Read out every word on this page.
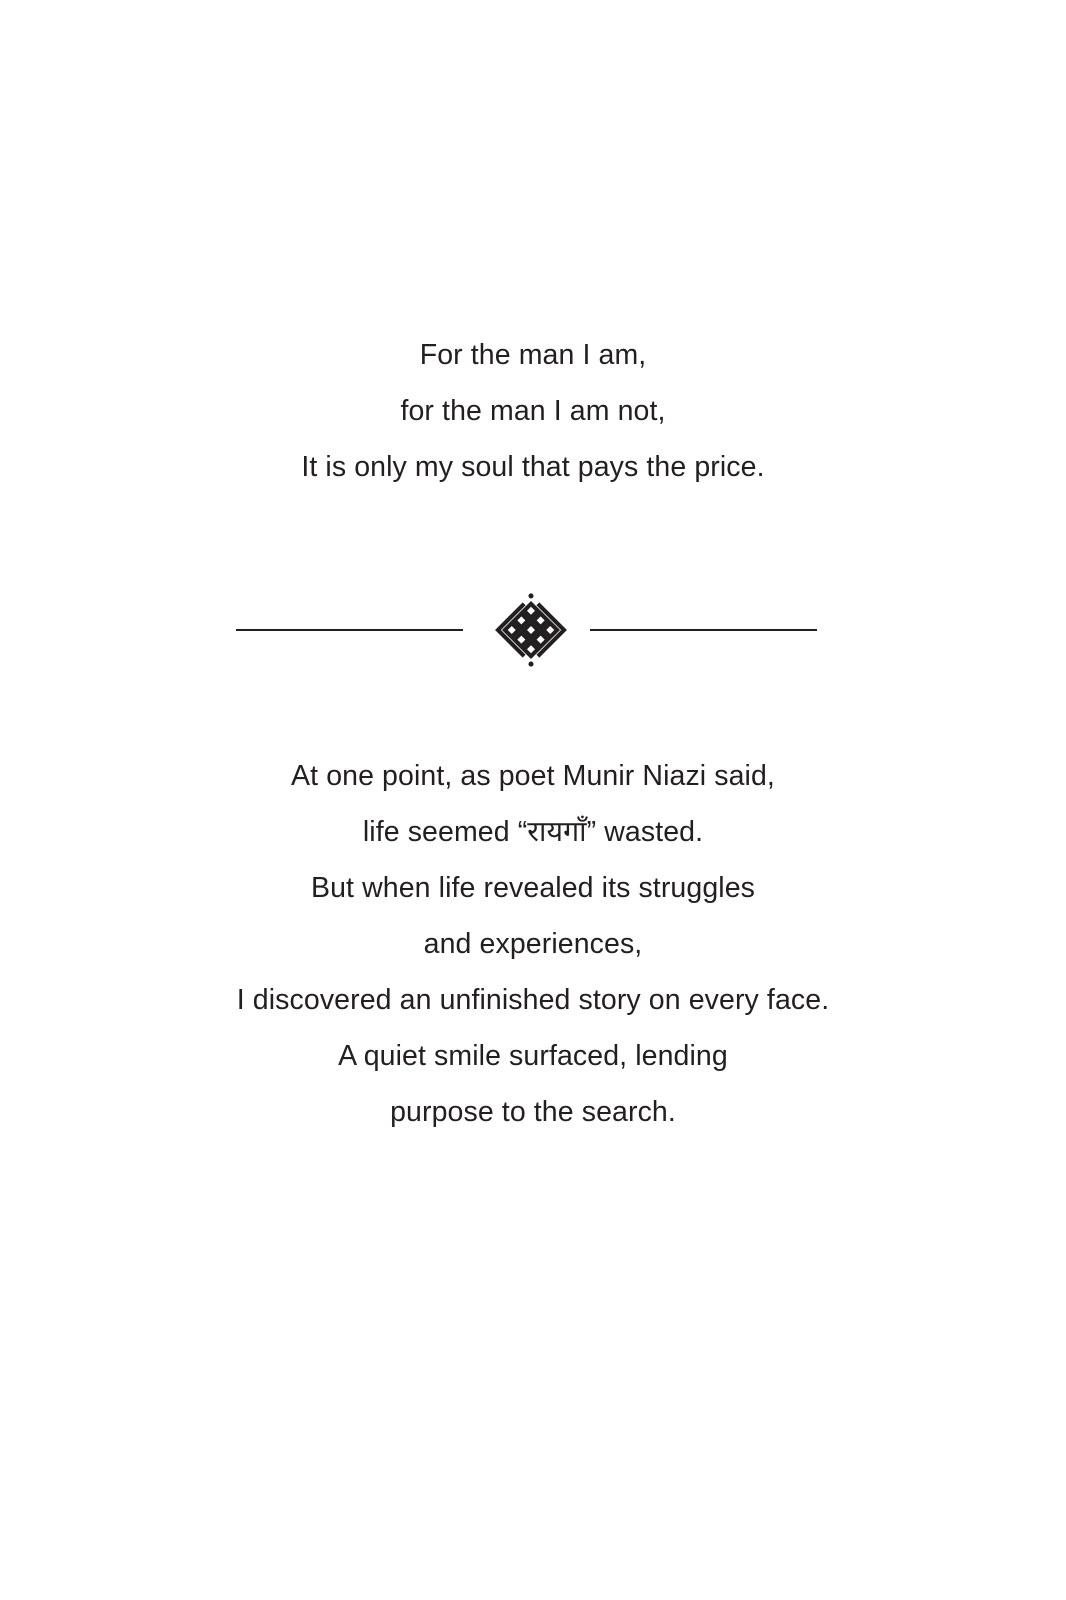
For the man I am,
for the man I am not,
It is only my soul that pays the price.
At one point, as poet Munir Niazi said,
life seemed “रायगाँ” wasted.
But when life revealed its struggles
and experiences,
I discovered an unfinished story on every face.
A quiet smile surfaced, lending
purpose to the search.
